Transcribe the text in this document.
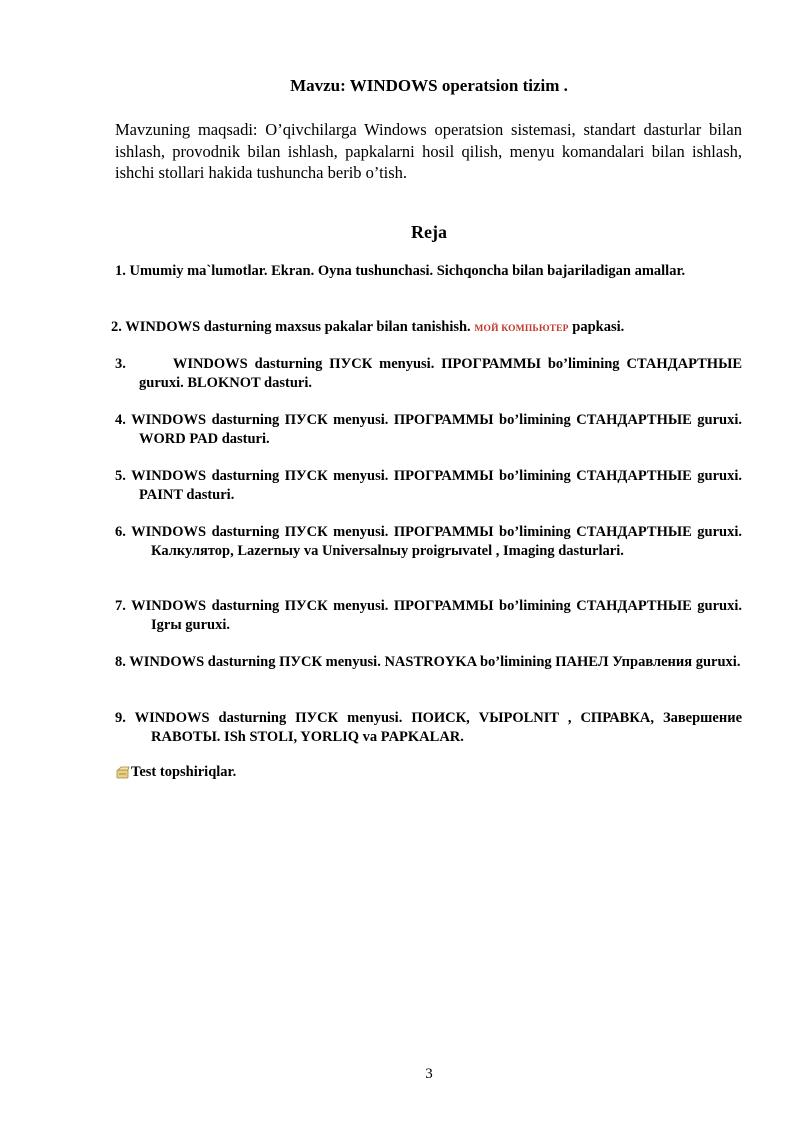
Mavzu: WINDOWS operatsion tizim .
Mavzuning maqsadi: O’qivchilarga Windows operatsion sistemasi, standart dasturlar bilan ishlash, provodnik bilan ishlash, papkalarni hosil qilish, menyu komandalari bilan ishlash, ishchi stollari hakida tushuncha berib o’tish.
Reja
1. Umumiy ma`lumotlar. Ekran. Oyna tushunchasi. Sichqoncha bilan bajariladigan amallar.
2. WINDOWS dasturning maxsus pakalar bilan tanishish. МОЙ КОМПЬЮТЕР papkasi.
3.	WINDOWS dasturning ПУСК menyusi. ПРОГРАММЫ bo’limining СТАНДАРТНЫЕ guruxi. BLOKNOT dasturi.
4. WINDOWS dasturning ПУСК menyusi. ПРОГРАММЫ bo’limining СТАНДАРТНЫЕ guruxi. WORD PAD dasturi.
5. WINDOWS dasturning ПУСК menyusi. ПРОГРАММЫ bo’limining СТАНДАРТНЫЕ guruxi. PAINT dasturi.
6. WINDOWS dasturning ПУСК menyusi. ПРОГРАММЫ bo’limining СТАНДАРТНЫЕ guruxi. Калкулятор, Lazernыy va Universalnыy proigrыvatel , Imaging dasturlari.
7. WINDOWS dasturning ПУСК menyusi. ПРОГРАММЫ bo’limining СТАНДАРТНЫЕ guruxi. Igrы guruxi.
8. WINDOWS dasturning ПУСК menyusi. NASTROYKA bo’limining ПАНЕЛ Управления guruxi.
9. WINDOWS dasturning ПУСК menyusi. ПОИСК, VЫPOLNIT , СПРАВКА, Завершение RABOTЫ. ISh STOLI, YORLIQ va PAPKALAR.
Test topshiriqlar.
3
